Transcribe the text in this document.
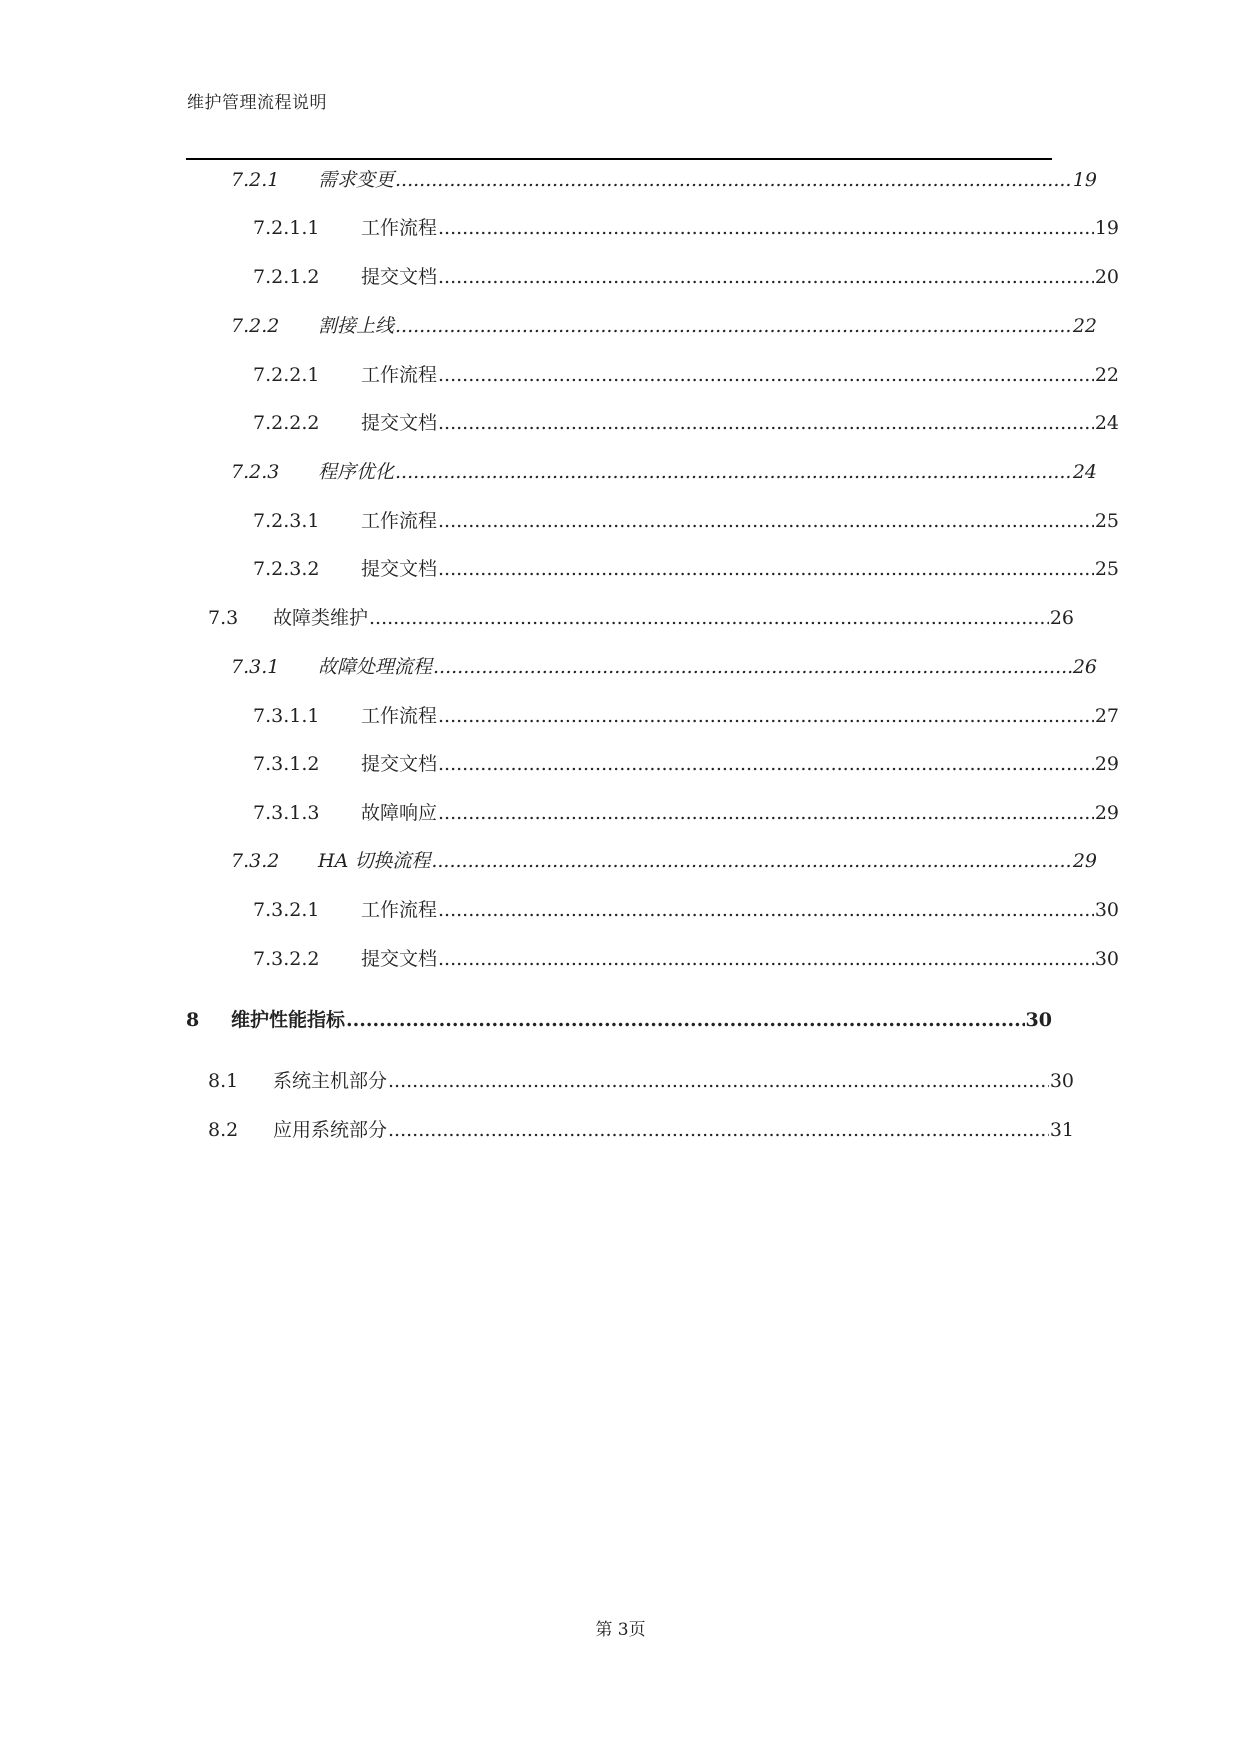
维护管理流程说明
7.2.1	需求变更 .....	19
7.2.1.1	工作流程 .....	19
7.2.1.2	提交文档 .....	20
7.2.2	割接上线 .....	22
7.2.2.1	工作流程 .....	22
7.2.2.2	提交文档 .....	24
7.2.3	程序优化 .....	24
7.2.3.1	工作流程 .....	25
7.2.3.2	提交文档 .....	25
7.3	故障类维护 .....	26
7.3.1	故障处理流程 .....	26
7.3.1.1	工作流程 .....	27
7.3.1.2	提交文档 .....	29
7.3.1.3	故障响应 .....	29
7.3.2	HA 切换流程 .....	29
7.3.2.1	工作流程 .....	30
7.3.2.2	提交文档 .....	30
8	维护性能指标 .....	30
8.1	系统主机部分 .....	30
8.2	应用系统部分 .....	31
第 3页
